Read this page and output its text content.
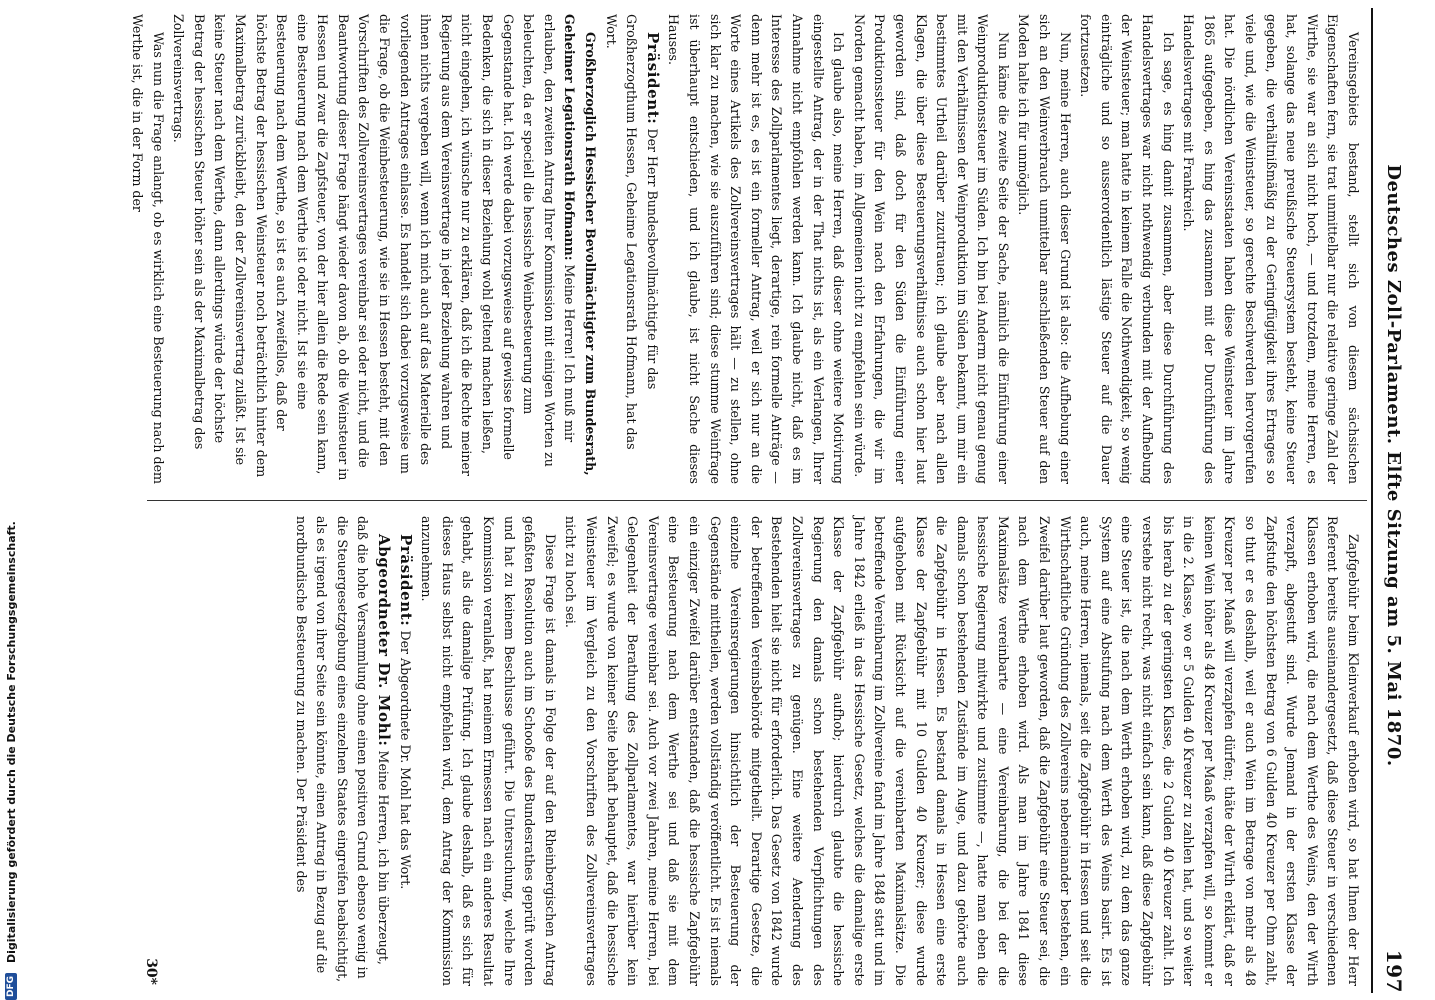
Deutsches Zoll-Parlament. Elfte Sitzung am 5. Mai 1870.
197

Vereinsgebiets bestand, stellt sich von diesem sächsischen Eigenschaften fern, sie trat unmittelbar nur die relative geringe Zahl der Wirthe, sie war an sich nicht hoch, — und trotzdem, meine Herren, es hat, solange das neue preußische Steuersystem besteht, keine Steuer gegeben, die verhältnißmäßig zu der Geringfügigkeit ihres Ertrages so viele und, wie die Weinsteuer, so gerechte Beschwerden hervorgerufen hat. Die nördlichen Vereinsstaaten haben diese Weinsteuer im Jahre 1865 aufgegeben, es hing das zusammen mit der Durchführung des Handelsvertrages mit Frankreich.

Ich sage, es hing damit zusammen, aber diese Durchführung des Handelsvertrages war nicht nothwendig verbunden mit der Aufhebung der Weinsteuer; man hatte in keinem Falle die Nothwendigkeit, so wenig einträgliche und so ausserordentlich lästige Steuer auf die Dauer fortzusetzen.

Nun, meine Herren, auch dieser Grund ist also: die Aufhebung einer sich an den Weinverbrauch unmittelbar anschließenden Steuer auf den Moden halte ich für unmöglich.

Nun käme die zweite Seite der Sache, nämlich die Einführung einer Weinproduktionssteuer im Süden. Ich bin bei Anderm nicht genau genug mit den Verhältnissen der Weinproduktion im Süden bekannt, um mir ein bestimmtes Urtheil darüber zuzutrauen; ich glaube aber nach allen Klagen, die über diese Besteuerungsverhältnisse auch schon hier laut geworden sind, daß doch für den Süden die Einführung einer Produktionssteuer für den Wein nach den Erfahrungen, die wir im Norden gemacht haben, im Allgemeinen nicht zu empfehlen sein würde.

Ich glaube also, meine Herren, daß dieser ohne weitere Motivirung eingestellte Antrag, der in der That nichts ist, als ein Verlangen, Ihrer Annahme nicht empfohlen werden kann. Ich glaube nicht, daß es im Interesse des Zollparlamentes liegt, derartige, rein formelle Anträge — denn mehr ist es, es ist ein formeller Antrag, weil er sich nur an die Worte eines Artikels des Zollvereinsvertrages hält — zu stellen, ohne sich klar zu machen, wie sie auszuführen sind; diese stumme Weinfrage ist überhaupt entschieden, und ich glaube, ist nicht Sache dieses Hauses.

Präsident: Der Herr Bundesbevollmächtigte für das Großherzogthum Hessen, Geheime Legationsrath Hofmann, hat das Wort.

Großherzoglich Hessischer Bevollmächtigter zum Bundesrath, Geheimer Legationsrath Hofmann: Meine Herren! Ich muß mir erlauben, den zweiten Antrag Ihrer Kommission mit einigen Worten zu beleuchten, da er speciell die hessische Weinbesteuerung zum Gegenstande hat. Ich werde dabei vorzugsweise auf gewisse formelle Bedenken, die sich in dieser Beziehung wohl geltend machen ließen, nicht eingehen, ich wünsche nur zu erklären, daß ich die Rechte meiner Regierung aus dem Vereinsvertrage in jeder Beziehung wahren und ihnen nichts vergeben will, wenn ich mich auch auf das Materielle des vorliegenden Antrages einlasse. Es handelt sich dabei vorzugsweise um die Frage, ob die Weinbesteuerung, wie sie in Hessen besteht, mit den Vorschriften des Zollvereinsvertrages vereinbar sei oder nicht, und die Beantwortung dieser Frage hängt wieder davon ab, ob die Weinsteuer in Hessen und zwar die Zapfsteuer, von der hier allein die Rede sein kann, eine Besteuerung nach dem Werthe ist oder nicht. Ist sie eine Besteuerung nach dem Werthe, so ist es auch zweifellos, daß der höchste Betrag der hessischen Weinsteuer noch beträchtlich hinter dem Maximalbetrag zurückbleibt, den der Zollvereinsvertrag zuläßt. Ist sie keine Steuer nach dem Werthe, dann allerdings würde der höchste Betrag der hessischen Steuer höher sein als der Maximalbetrag des Zollvereinsvertrags.

Was nun die Frage anlangt, ob es wirklich eine Besteuerung nach dem Werthe ist, die in der Form der

Zapfgebühr beim Kleinverkauf erhoben wird, so hat Ihnen der Herr Referent bereits auseinandergesetzt, daß diese Steuer in verschiedenen Klassen erhoben wird, die nach dem Werthe des Weins, den der Wirth verzapft, abgestuft sind. Wurde Jemand in der ersten Klasse der Zapfstufe den höchsten Betrag von 6 Gulden 40 Kreuzer per Ohm zahlt, so thut er es deshalb, weil er auch Wein im Betrage von mehr als 48 Kreuzer per Maaß will verzapfen dürfen; thäte der Wirth erklärt, daß er keinen Wein höher als 48 Kreuzer per Maaß verzapfen will, so kommt er in die 2. Klasse, wo er 5 Gulden 40 Kreuzer zu zahlen hat, und so weiter bis herab zu der geringsten Klasse, die 2 Gulden 40 Kreuzer zahlt. Ich verstehe nicht recht, was nicht einfach sein kann, daß diese Zapfgebühr eine Steuer ist, die nach dem Werth erhoben wird, zu dem das ganze System auf eine Abstufung nach dem Werth des Weins basirt. Es ist auch, meine Herren, niemals, seit die Zapfgebühr in Hessen und seit die Wirthschaftliche Gründung des Zollvereins nebeneinander bestehen, ein Zweifel darüber laut geworden, daß die Zapfgebühr eine Steuer sei, die nach dem Werthe erhoben wird. Als man im Jahre 1841 diese Maximalsätze vereinbarte — eine Vereinbarung, die bei der die hessische Regierung mitwirkte und zustimmte —, hatte man eben die damals schon bestehenden Zustände im Auge, und dazu gehörte auch die Zapfgebühr in Hessen. Es bestand damals in Hessen eine erste Klasse der Zapfgebühr mit 10 Gulden 40 Kreuzer; diese wurde aufgehoben mit Rücksicht auf die vereinbarten Maximalsätze. Die betreffende Vereinbarung im Zollvereine fand im Jahre 1848 statt und im Jahre 1842 erließ in das Hessische Gesetz, welches die damalige erste Klasse der Zapfgebühr aufhob; hierdurch glaubte die hessische Regierung den damals schon bestehenden Verpflichtungen des Zollvereinsvertrages zu genügen. Eine weitere Aenderung des Bestehenden hielt sie nicht für erforderlich. Das Gesetz von 1842 wurde der betreffenden Vereinsbehörde mitgetheilt. Derartige Gesetze, die einzelne Vereinsregierungen hinsichtlich der Besteuerung der Gegenstände mittheilen, werden vollständig veröffentlicht. Es ist niemals ein einziger Zweifel darüber entstanden, daß die hessische Zapfgebühr eine Besteuerung nach dem Werthe sei und daß sie mit dem Vereinsvertrage vereinbar sei. Auch vor zwei Jahren, meine Herren, bei Gelegenheit der Berathung des Zollparlamentes, war hierüber kein Zweifel; es wurde von keiner Seite lebhaft behauptet, daß die hessische Weinsteuer im Vergleich zu den Vorschriften des Zollvereinsvertrages nicht zu hoch sei.

Diese Frage ist damals in Folge der auf den Rheinbergischen Antrag gefaßten Resolution auch im Schooße des Bundesrathes geprüft worden und hat zu keinem Beschlusse geführt. Die Untersuchung, welche Ihre Kommission veranlaßt, hat meinem Ermessen nach ein anderes Resultat gehabt, als die damalige Prüfung. Ich glaube deshalb, daß es sich für dieses Haus selbst nicht empfehlen wird, dem Antrag der Kommission anzunehmen.

Präsident: Der Abgeordnete Dr. Mohl hat das Wort.

Abgeordneter Dr. Mohl: Meine Herren, ich bin überzeugt, daß die hohe Versammlung ohne einen positiven Grund ebenso wenig in die Steuergesetzgebung eines einzelnen Staates eingreifen beabsichtigt, als es irgend von ihrer Seite sein könnte, einen Antrag in Bezug auf die nordbundische Besteuerung zu machen. Der Präsident des

30*
DFG
Digitalisierung gefördert durch die Deutsche Forschungsgemeinschaft.
